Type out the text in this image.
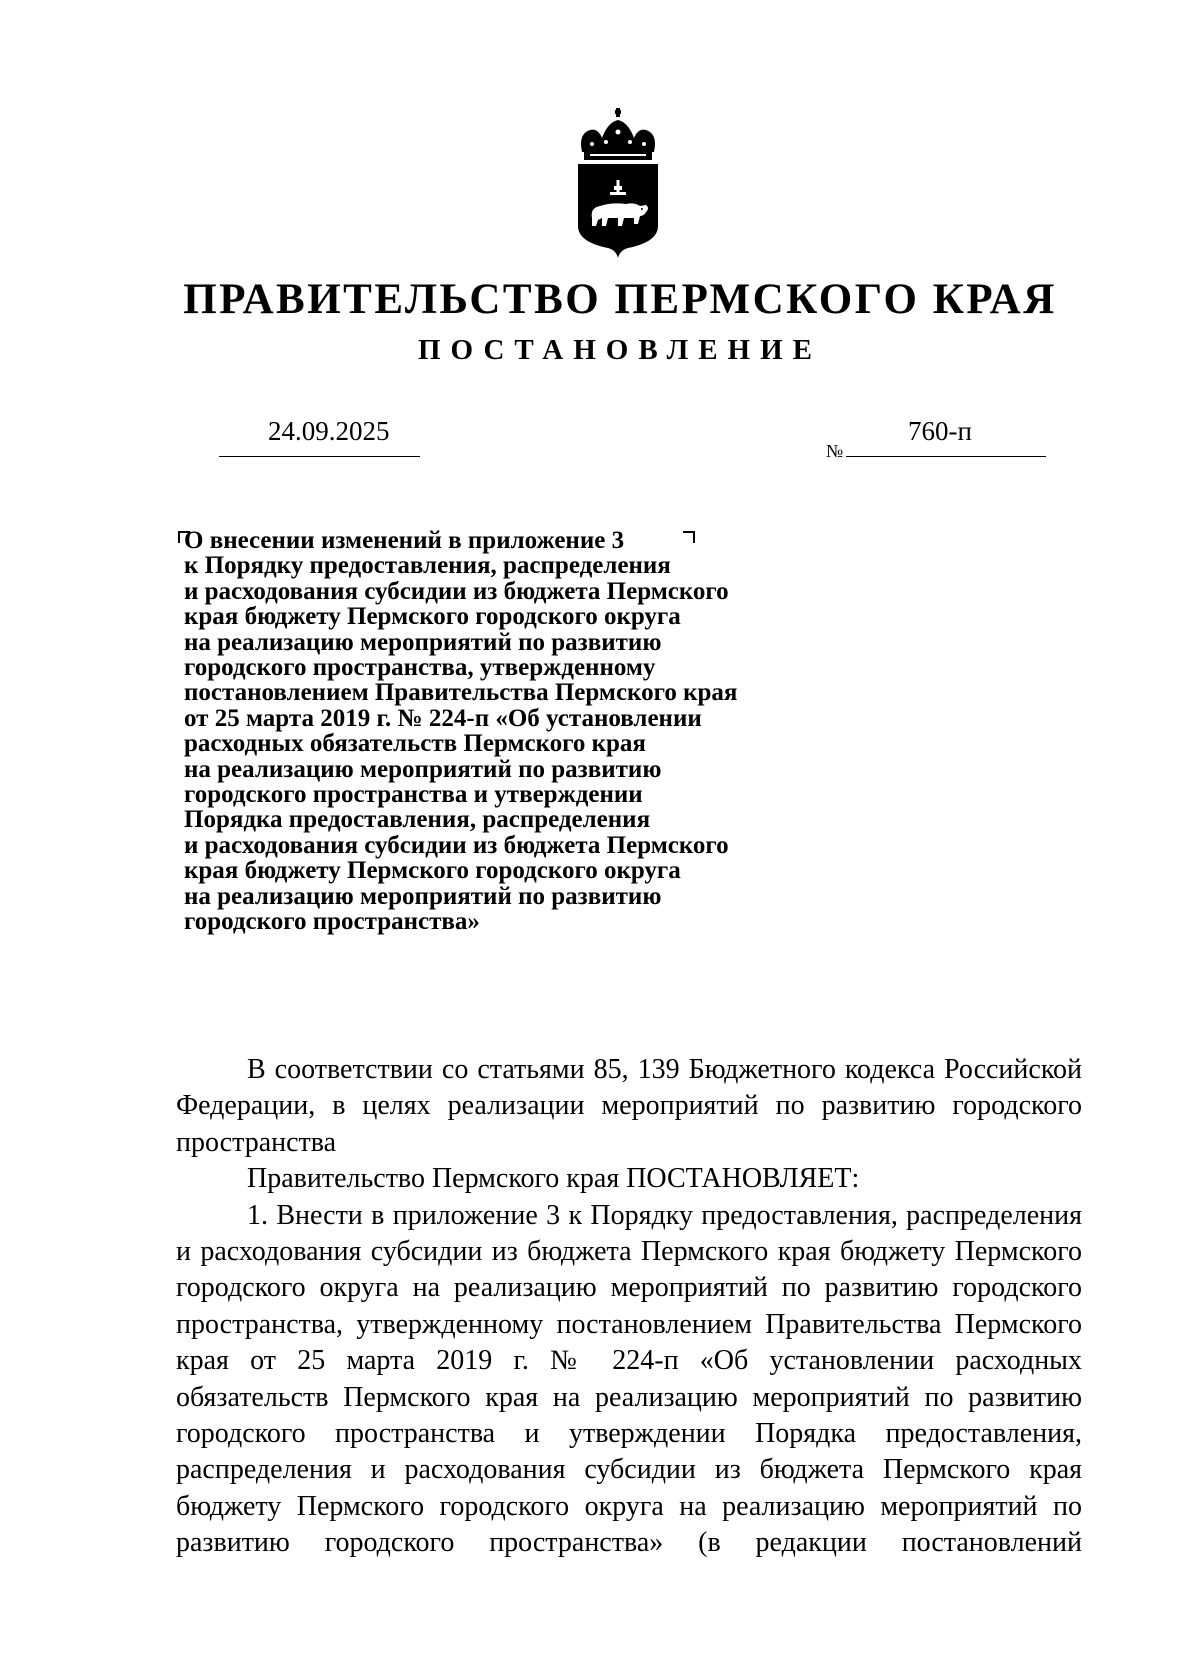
ПРАВИТЕЛЬСТВО ПЕРМСКОГО КРАЯ
ПОСТАНОВЛЕНИЕ
24.09.2025
№
760-п
О внесении изменений в приложение 3
к Порядку предоставления, распределения
и расходования субсидии из бюджета Пермского
края бюджету Пермского городского округа
на реализацию мероприятий по развитию
городского пространства, утвержденному
постановлением Правительства Пермского края
от 25 марта 2019 г. № 224-п «Об установлении
расходных обязательств Пермского края
на реализацию мероприятий по развитию
городского пространства и утверждении
Порядка предоставления, распределения
и расходования субсидии из бюджета Пермского
края бюджету Пермского городского округа
на реализацию мероприятий по развитию
городского пространства»

В соответствии со статьями 85, 139 Бюджетного кодекса Российской Федерации, в целях реализации мероприятий по развитию городского пространства

Правительство Пермского края ПОСТАНОВЛЯЕТ:

1. Внести в приложение 3 к Порядку предоставления, распределения и расходования субсидии из бюджета Пермского края бюджету Пермского городского округа на реализацию мероприятий по развитию городского пространства, утвержденному постановлением Правительства Пермского края от 25 марта 2019 г. № 224-п «Об установлении расходных обязательств Пермского края на реализацию мероприятий по развитию городского пространства и утверждении Порядка предоставления, распределения и расходования субсидии из бюджета Пермского края бюджету Пермского городского округа на реализацию мероприятий по развитию городского пространства» (в редакции постановлений
